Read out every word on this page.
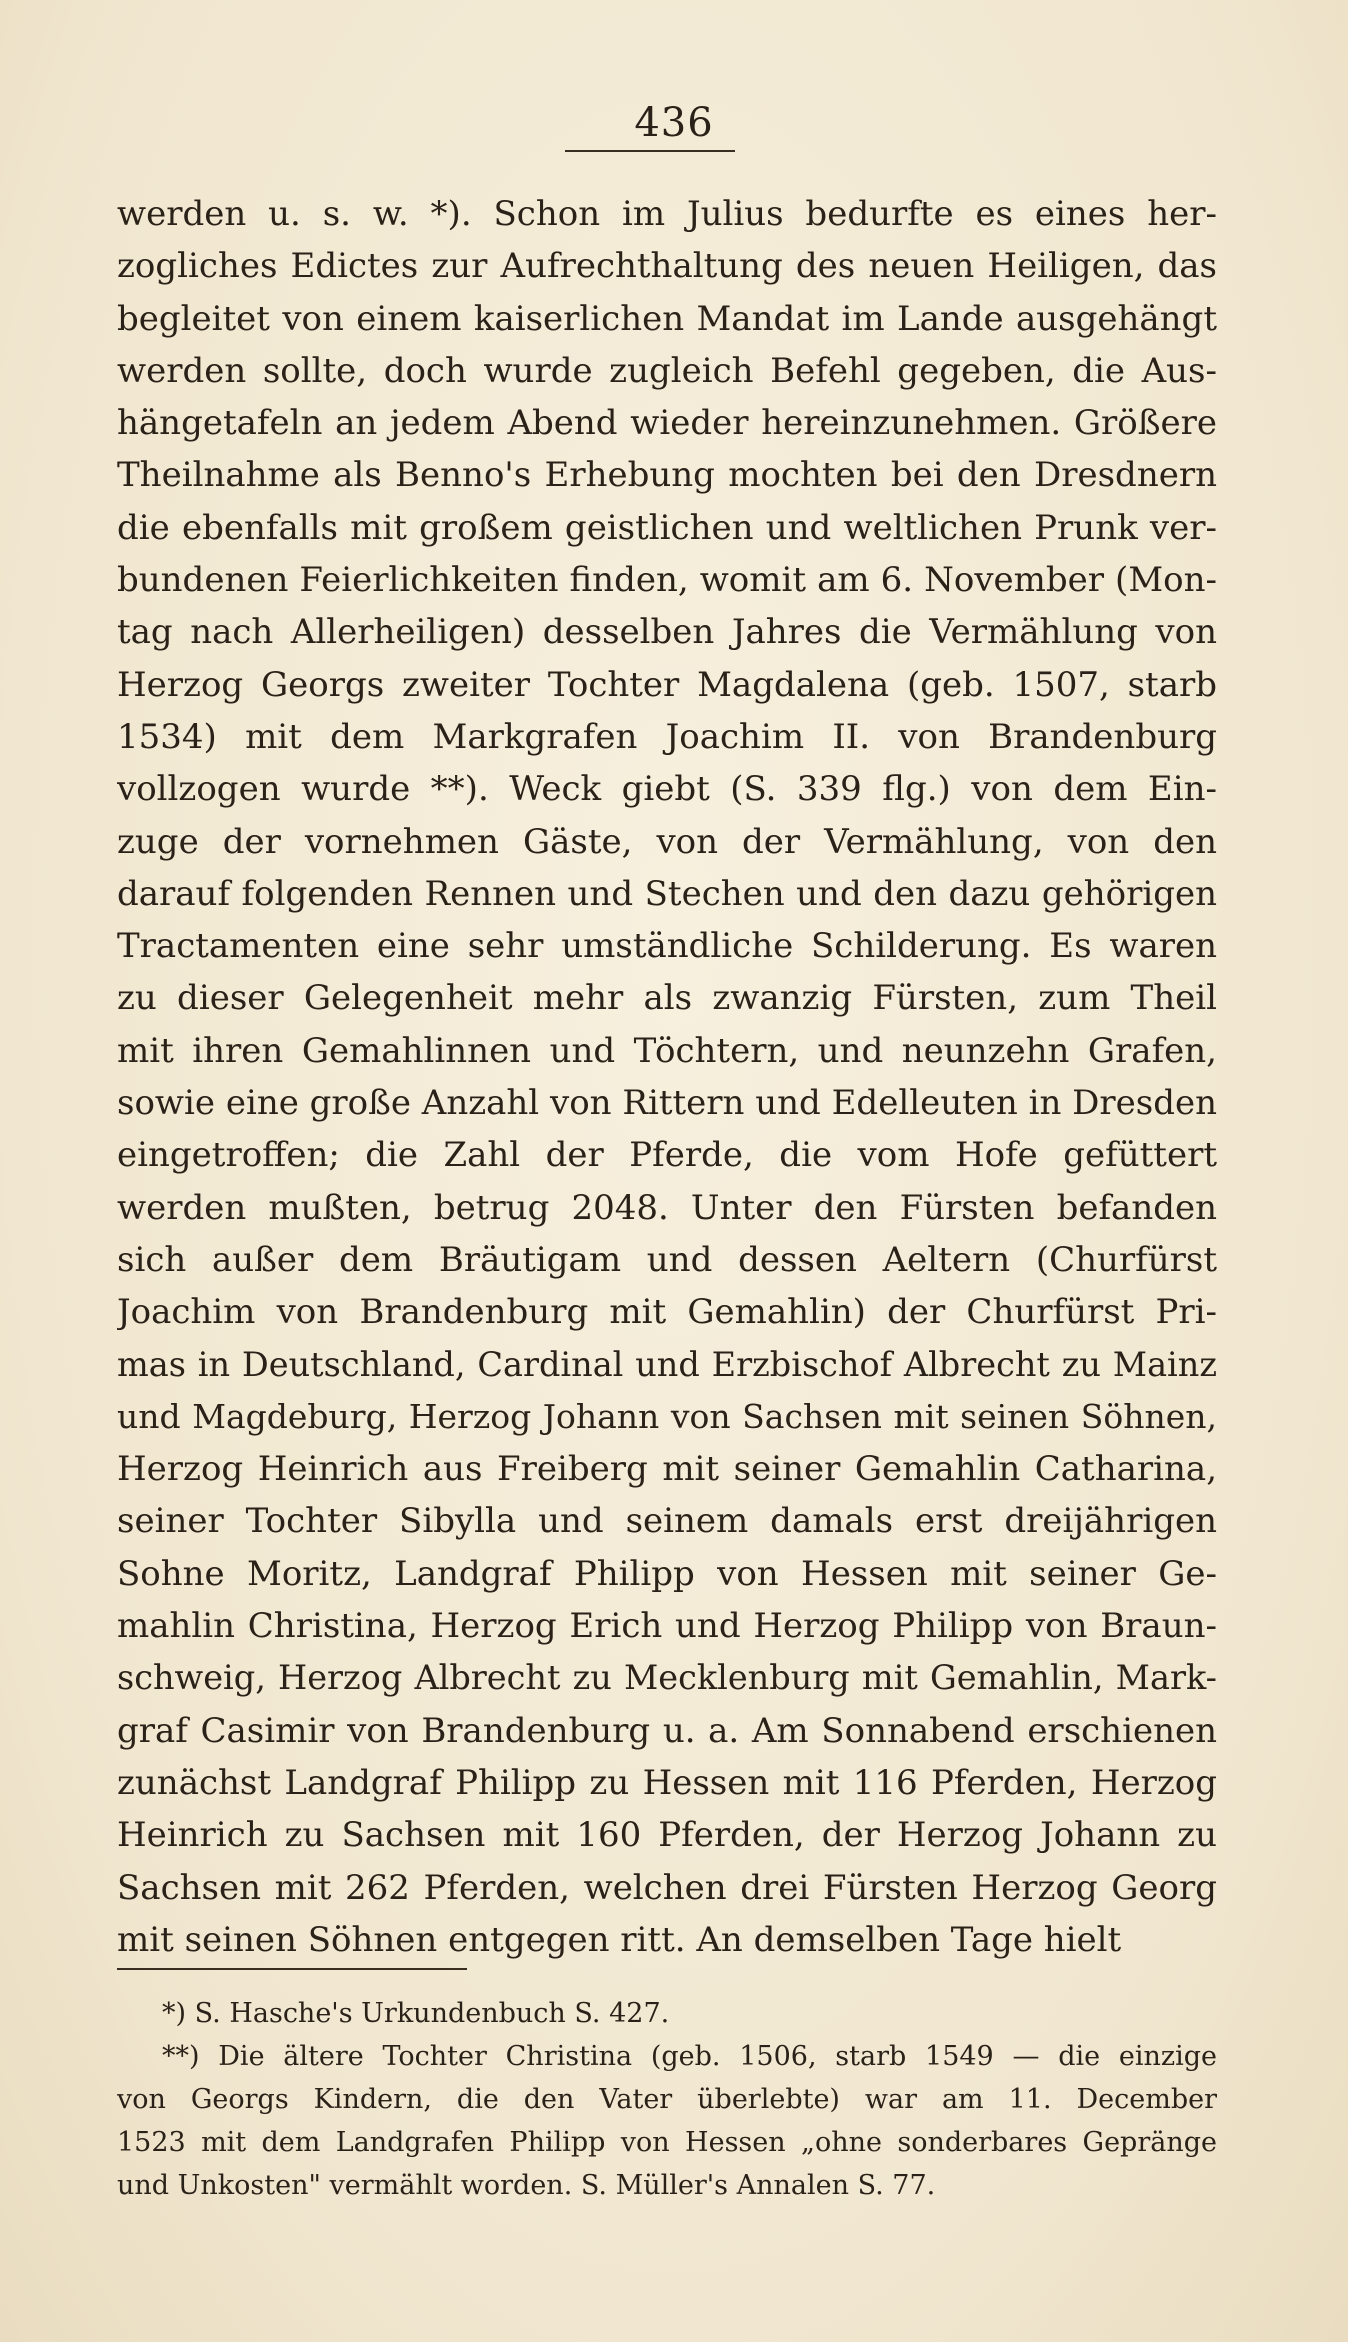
436
werden u. s. w. *). Schon im Julius bedurfte es eines her-
zogliches Edictes zur Aufrechthaltung des neuen Heiligen, das
begleitet von einem kaiserlichen Mandat im Lande ausgehängt
werden sollte, doch wurde zugleich Befehl gegeben, die Aus-
hängetafeln an jedem Abend wieder hereinzunehmen. Größere
Theilnahme als Benno's Erhebung mochten bei den Dresdnern
die ebenfalls mit großem geistlichen und weltlichen Prunk ver-
bundenen Feierlichkeiten finden, womit am 6. November (Mon-
tag nach Allerheiligen) desselben Jahres die Vermählung von
Herzog Georgs zweiter Tochter Magdalena (geb. 1507, starb
1534) mit dem Markgrafen Joachim II. von Brandenburg
vollzogen wurde **). Weck giebt (S. 339 flg.) von dem Ein-
zuge der vornehmen Gäste, von der Vermählung, von den
darauf folgenden Rennen und Stechen und den dazu gehörigen
Tractamenten eine sehr umständliche Schilderung. Es waren
zu dieser Gelegenheit mehr als zwanzig Fürsten, zum Theil
mit ihren Gemahlinnen und Töchtern, und neunzehn Grafen,
sowie eine große Anzahl von Rittern und Edelleuten in Dresden
eingetroffen; die Zahl der Pferde, die vom Hofe gefüttert
werden mußten, betrug 2048. Unter den Fürsten befanden
sich außer dem Bräutigam und dessen Aeltern (Churfürst
Joachim von Brandenburg mit Gemahlin) der Churfürst Pri-
mas in Deutschland, Cardinal und Erzbischof Albrecht zu Mainz
und Magdeburg, Herzog Johann von Sachsen mit seinen Söhnen,
Herzog Heinrich aus Freiberg mit seiner Gemahlin Catharina,
seiner Tochter Sibylla und seinem damals erst dreijährigen
Sohne Moritz, Landgraf Philipp von Hessen mit seiner Ge-
mahlin Christina, Herzog Erich und Herzog Philipp von Braun-
schweig, Herzog Albrecht zu Mecklenburg mit Gemahlin, Mark-
graf Casimir von Brandenburg u. a. Am Sonnabend erschienen
zunächst Landgraf Philipp zu Hessen mit 116 Pferden, Herzog
Heinrich zu Sachsen mit 160 Pferden, der Herzog Johann zu
Sachsen mit 262 Pferden, welchen drei Fürsten Herzog Georg
mit seinen Söhnen entgegen ritt. An demselben Tage hielt
*) S. Hasche's Urkundenbuch S. 427.
**) Die ältere Tochter Christina (geb. 1506, starb 1549 — die einzige
von Georgs Kindern, die den Vater überlebte) war am 11. December
1523 mit dem Landgrafen Philipp von Hessen „ohne sonderbares Gepränge
und Unkosten" vermählt worden. S. Müller's Annalen S. 77.
